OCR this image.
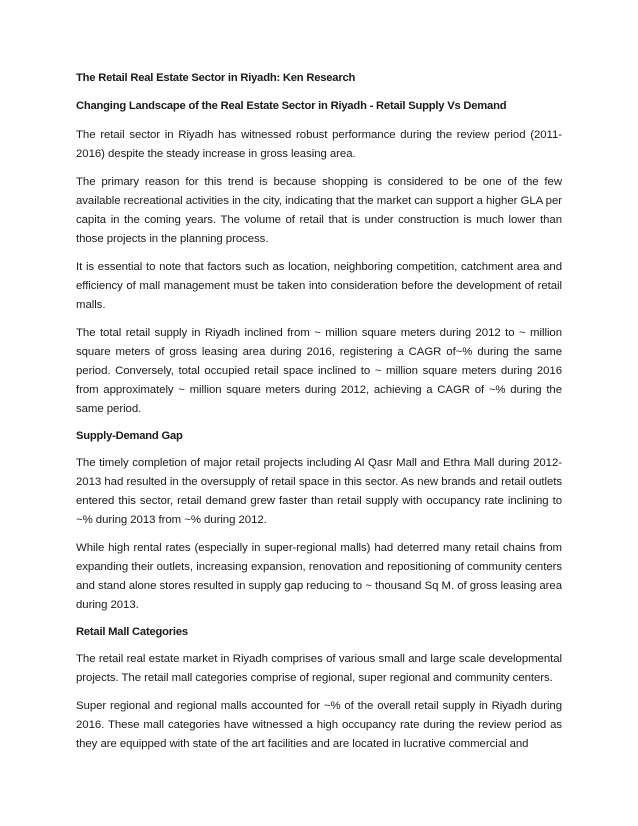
The Retail Real Estate Sector in Riyadh: Ken Research
Changing Landscape of the Real Estate Sector in Riyadh - Retail Supply Vs Demand

The retail sector in Riyadh has witnessed robust performance during the review period (2011-2016) despite the steady increase in gross leasing area.

The primary reason for this trend is because shopping is considered to be one of the few available recreational activities in the city, indicating that the market can support a higher GLA per capita in the coming years. The volume of retail that is under construction is much lower than those projects in the planning process.

It is essential to note that factors such as location, neighboring competition, catchment area and efficiency of mall management must be taken into consideration before the development of retail malls.

The total retail supply in Riyadh inclined from ~ million square meters during 2012 to ~ million square meters of gross leasing area during 2016, registering a CAGR of~% during the same period. Conversely, total occupied retail space inclined to ~ million square meters during 2016 from approximately ~ million square meters during 2012, achieving a CAGR of ~% during the same period.

Supply-Demand Gap

The timely completion of major retail projects including Al Qasr Mall and Ethra Mall during 2012-2013 had resulted in the oversupply of retail space in this sector. As new brands and retail outlets entered this sector, retail demand grew faster than retail supply with occupancy rate inclining to ~% during 2013 from ~% during 2012.

While high rental rates (especially in super-regional malls) had deterred many retail chains from expanding their outlets, increasing expansion, renovation and repositioning of community centers and stand alone stores resulted in supply gap reducing to ~ thousand Sq M. of gross leasing area during 2013.

Retail Mall Categories

The retail real estate market in Riyadh comprises of various small and large scale developmental projects. The retail mall categories comprise of regional, super regional and community centers.

Super regional and regional malls accounted for ~% of the overall retail supply in Riyadh during 2016. These mall categories have witnessed a high occupancy rate during the review period as they are equipped with state of the art facilities and are located in lucrative commercial and
